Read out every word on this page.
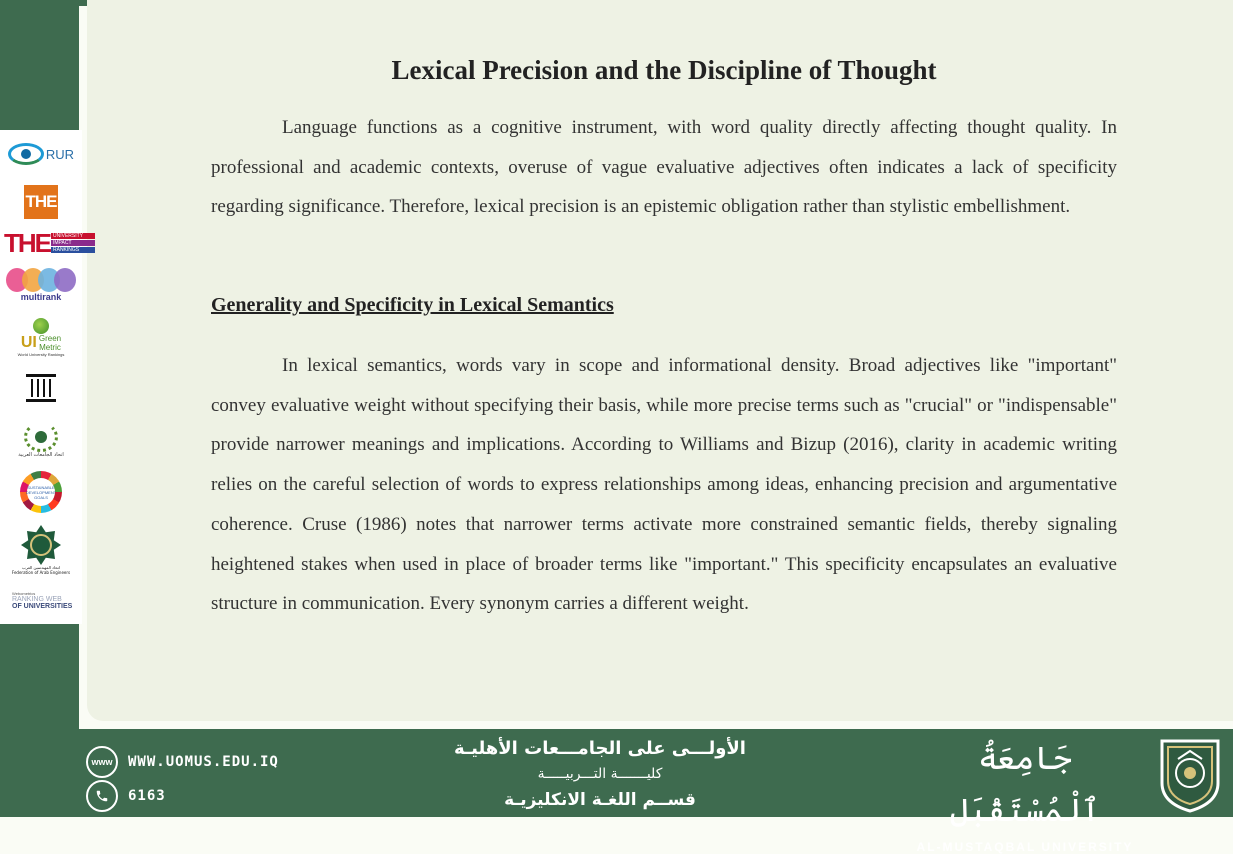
RUR
THE
THE UNIVERSITY
IMPACT
RANKINGS
multirank
UI Green
Metric
World University Rankings
اتحاد الجامعات العربية
SUSTAINABLE DEVELOPMENT GOALS
اتحاد المهندسين العرب
Federation of Arab Engineers
Webometrics
RANKING WEB
OF UNIVERSITIES
Lexical Precision and the Discipline of Thought

Language functions as a cognitive instrument, with word quality directly affecting thought quality. In professional and academic contexts, overuse of vague evaluative adjectives often indicates a lack of specificity regarding significance. Therefore, lexical precision is an epistemic obligation rather than stylistic embellishment.

Generality and Specificity in Lexical Semantics

In lexical semantics, words vary in scope and informational density. Broad adjectives like "important" convey evaluative weight without specifying their basis, while more precise terms such as "crucial" or "indispensable" provide narrower meanings and implications. According to Williams and Bizup (2016), clarity in academic writing relies on the careful selection of words to express relationships among ideas, enhancing precision and argumentative coherence. Cruse (1986) notes that narrower terms activate more constrained semantic fields, thereby signaling heightened stakes when used in place of broader terms like "important." This specificity encapsulates an evaluative structure in communication. Every synonym carries a different weight.

www	WWW.UOMUS.EDU.IQ
6163
الأولـــى على الجامـــعات الأهليـة
كليـــــــة التـــربيـــــة
قســم اللغـة الانكليزيـة
جَامِعَةُ ٱلْمُسْتَقْبَل
AL-MUSTAQBAL UNIVERSITY
